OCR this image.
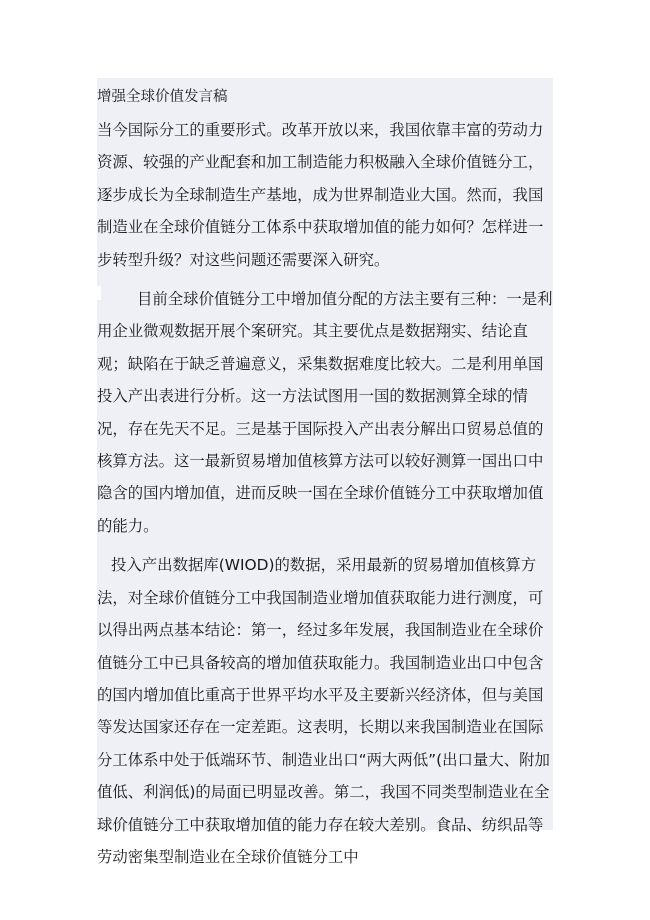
增强全球价值发言稿

当今国际分工的重要形式。改革开放以来，我国依靠丰富的劳动力资源、较强的产业配套和加工制造能力积极融入全球价值链分工，逐步成长为全球制造生产基地，成为世界制造业大国。然而，我国制造业在全球价值链分工体系中获取增加值的能力如何？怎样进一步转型升级？对这些问题还需要深入研究。

目前全球价值链分工中增加值分配的方法主要有三种：一是利用企业微观数据开展个案研究。其主要优点是数据翔实、结论直观；缺陷在于缺乏普遍意义，采集数据难度比较大。二是利用单国投入产出表进行分析。这一方法试图用一国的数据测算全球的情况，存在先天不足。三是基于国际投入产出表分解出口贸易总值的核算方法。这一最新贸易增加值核算方法可以较好测算一国出口中隐含的国内增加值，进而反映一国在全球价值链分工中获取增加值的能力。

投入产出数据库(WIOD)的数据，采用最新的贸易增加值核算方法，对全球价值链分工中我国制造业增加值获取能力进行测度，可以得出两点基本结论：第一，经过多年发展，我国制造业在全球价值链分工中已具备较高的增加值获取能力。我国制造业出口中包含的国内增加值比重高于世界平均水平及主要新兴经济体，但与美国等发达国家还存在一定差距。这表明，长期以来我国制造业在国际分工体系中处于低端环节、制造业出口“两大两低”(出口量大、附加值低、利润低)的局面已明显改善。第二，我国不同类型制造业在全球价值链分工中获取增加值的能力存在较大差别。食品、纺织品等劳动密集型制造业在全球价值链分工中
